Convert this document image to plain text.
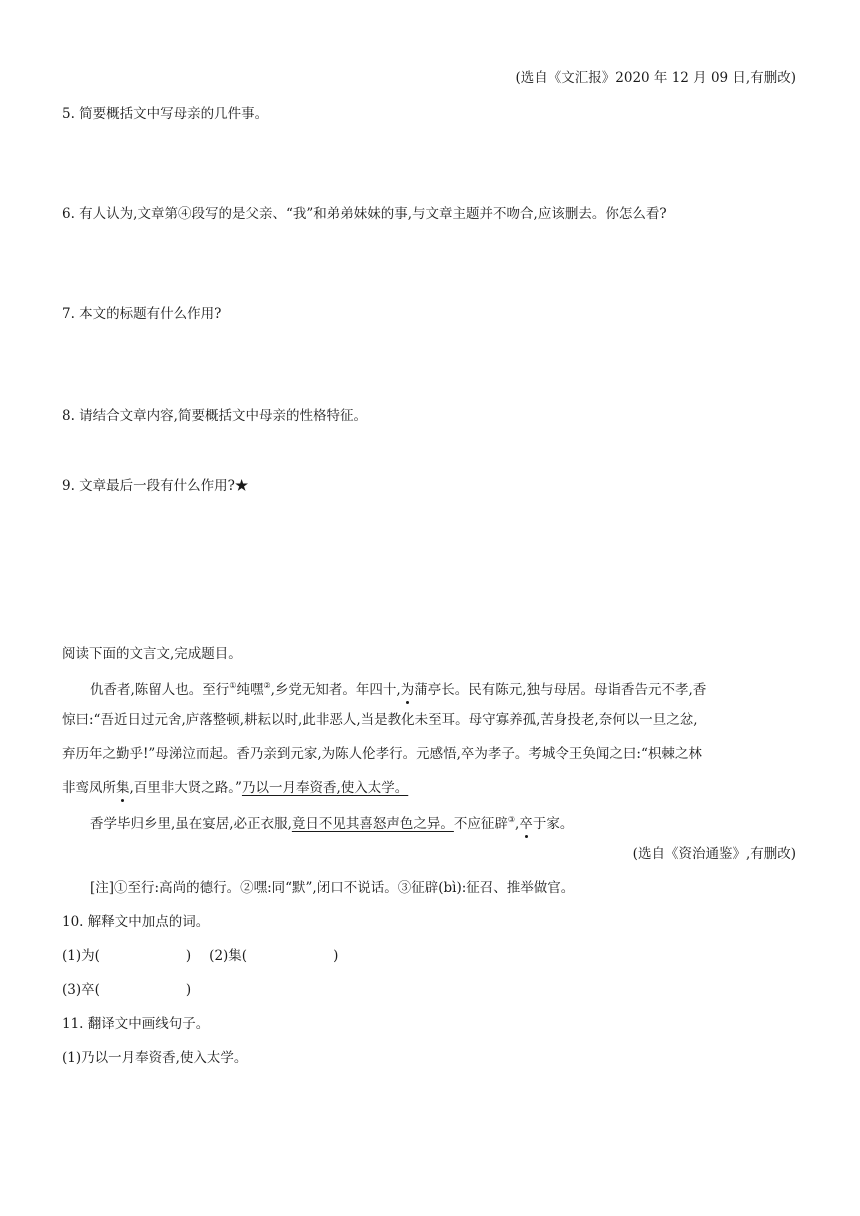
(选自《文汇报》2020 年 12 月 09 日,有删改)
5. 简要概括文中写母亲的几件事。
6. 有人认为,文章第④段写的是父亲、“我”和弟弟妹妹的事,与文章主题并不吻合,应该删去。你怎么看?
7. 本文的标题有什么作用?
8. 请结合文章内容,简要概括文中母亲的性格特征。
9. 文章最后一段有什么作用?★
阅读下面的文言文,完成题目。
仇香者,陈留人也。至行①纯嘿②,乡党无知者。年四十,为蒲亭长。民有陈元,独与母居。母诣香告元不孝,香
惊曰:“吾近日过元舍,庐落整顿,耕耘以时,此非恶人,当是教化未至耳。母守寡养孤,苦身投老,奈何以一旦之忿,
弃历年之勤乎!”母涕泣而起。香乃亲到元家,为陈人伦孝行。元感悟,卒为孝子。考城令王奂闻之曰:“枳棘之林
非鸾凤所集,百里非大贤之路。”乃以一月奉资香,使入太学。
香学毕归乡里,虽在宴居,必正衣服,竟日不见其喜怒声色之异。不应征辟③,卒于家。
(选自《资治通鉴》,有删改)
[注]①至行:高尚的德行。②嘿:同“默”,闭口不说话。③征辟(bì):征召、推举做官。
10. 解释文中加点的词。
(1)为(	) (2)集(	)
(3)卒(	)
11. 翻译文中画线句子。
(1)乃以一月奉资香,使入太学。
